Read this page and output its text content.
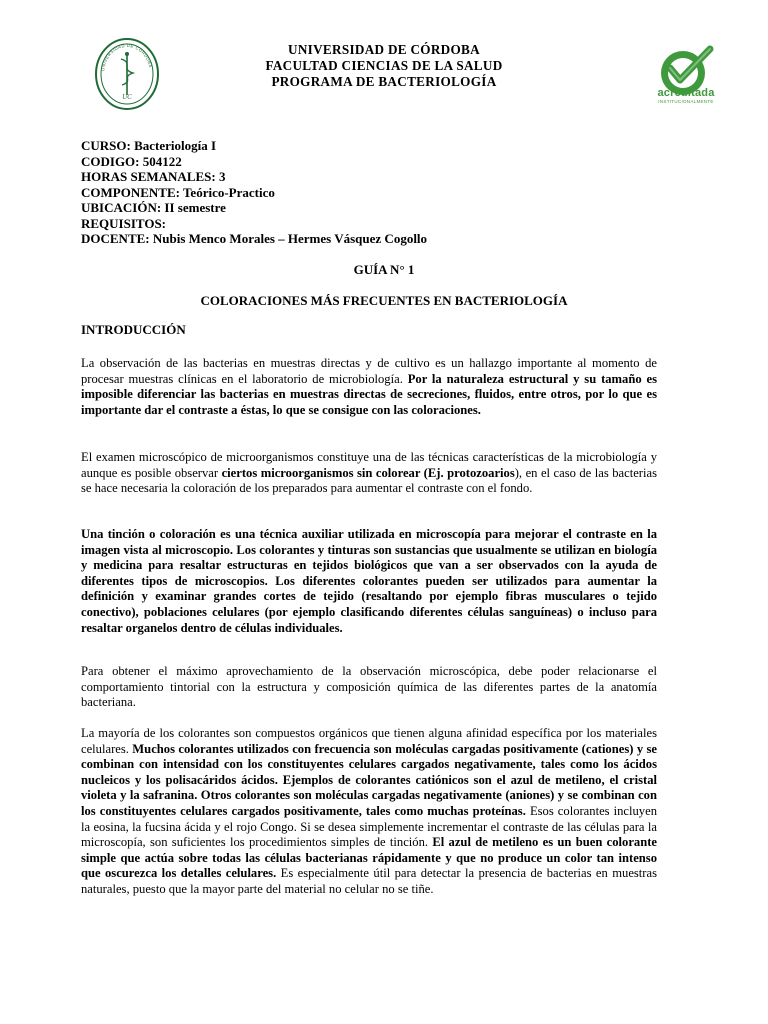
UNIVERSIDAD DE CÓRDOBA
UC	acreditada
INSTITUCIONALMENTE
UNIVERSIDAD DE CÓRDOBA
FACULTAD CIENCIAS DE LA SALUD
PROGRAMA DE BACTERIOLOGÍA
CURSO: Bacteriología I
CODIGO: 504122
HORAS SEMANALES: 3
COMPONENTE: Teórico-Practico
UBICACIÓN: II semestre
REQUISITOS:
DOCENTE: Nubis Menco Morales – Hermes Vásquez Cogollo
GUÍA N° 1
COLORACIONES MÁS FRECUENTES EN BACTERIOLOGÍA
INTRODUCCIÓN
La observación de las bacterias en muestras directas y de cultivo es un hallazgo importante al momento de procesar muestras clínicas en el laboratorio de microbiología. Por la naturaleza estructural y su tamaño es imposible diferenciar las bacterias en muestras directas de secreciones, fluidos, entre otros, por lo que es importante dar el contraste a éstas, lo que se consigue con las coloraciones.
El examen microscópico de microorganismos constituye una de las técnicas características de la microbiología y aunque es posible observar ciertos microorganismos sin colorear (Ej. protozoarios), en el caso de las bacterias se hace necesaria la coloración de los preparados para aumentar el contraste con el fondo.
Una tinción o coloración es una técnica auxiliar utilizada en microscopía para mejorar el contraste en la imagen vista al microscopio. Los colorantes y tinturas son sustancias que usualmente se utilizan en biología y medicina para resaltar estructuras en tejidos biológicos que van a ser observados con la ayuda de diferentes tipos de microscopios. Los diferentes colorantes pueden ser utilizados para aumentar la definición y examinar grandes cortes de tejido (resaltando por ejemplo fibras musculares o tejido conectivo), poblaciones celulares (por ejemplo clasificando diferentes células sanguíneas) o incluso para resaltar organelos dentro de células individuales.
Para obtener el máximo aprovechamiento de la observación microscópica, debe poder relacionarse el comportamiento tintorial con la estructura y composición química de las diferentes partes de la anatomía bacteriana.
La mayoría de los colorantes son compuestos orgánicos que tienen alguna afinidad específica por los materiales celulares. Muchos colorantes utilizados con frecuencia son moléculas cargadas positivamente (cationes) y se combinan con intensidad con los constituyentes celulares cargados negativamente, tales como los ácidos nucleicos y los polisacáridos ácidos. Ejemplos de colorantes catiónicos son el azul de metileno, el cristal violeta y la safranina. Otros colorantes son moléculas cargadas negativamente (aniones) y se combinan con los constituyentes celulares cargados positivamente, tales como muchas proteínas. Esos colorantes incluyen la eosina, la fucsina ácida y el rojo Congo. Si se desea simplemente incrementar el contraste de las células para la microscopía, son suficientes los procedimientos simples de tinción. El azul de metileno es un buen colorante simple que actúa sobre todas las células bacterianas rápidamente y que no produce un color tan intenso que oscurezca los detalles celulares. Es especialmente útil para detectar la presencia de bacterias en muestras naturales, puesto que la mayor parte del material no celular no se tiñe.
